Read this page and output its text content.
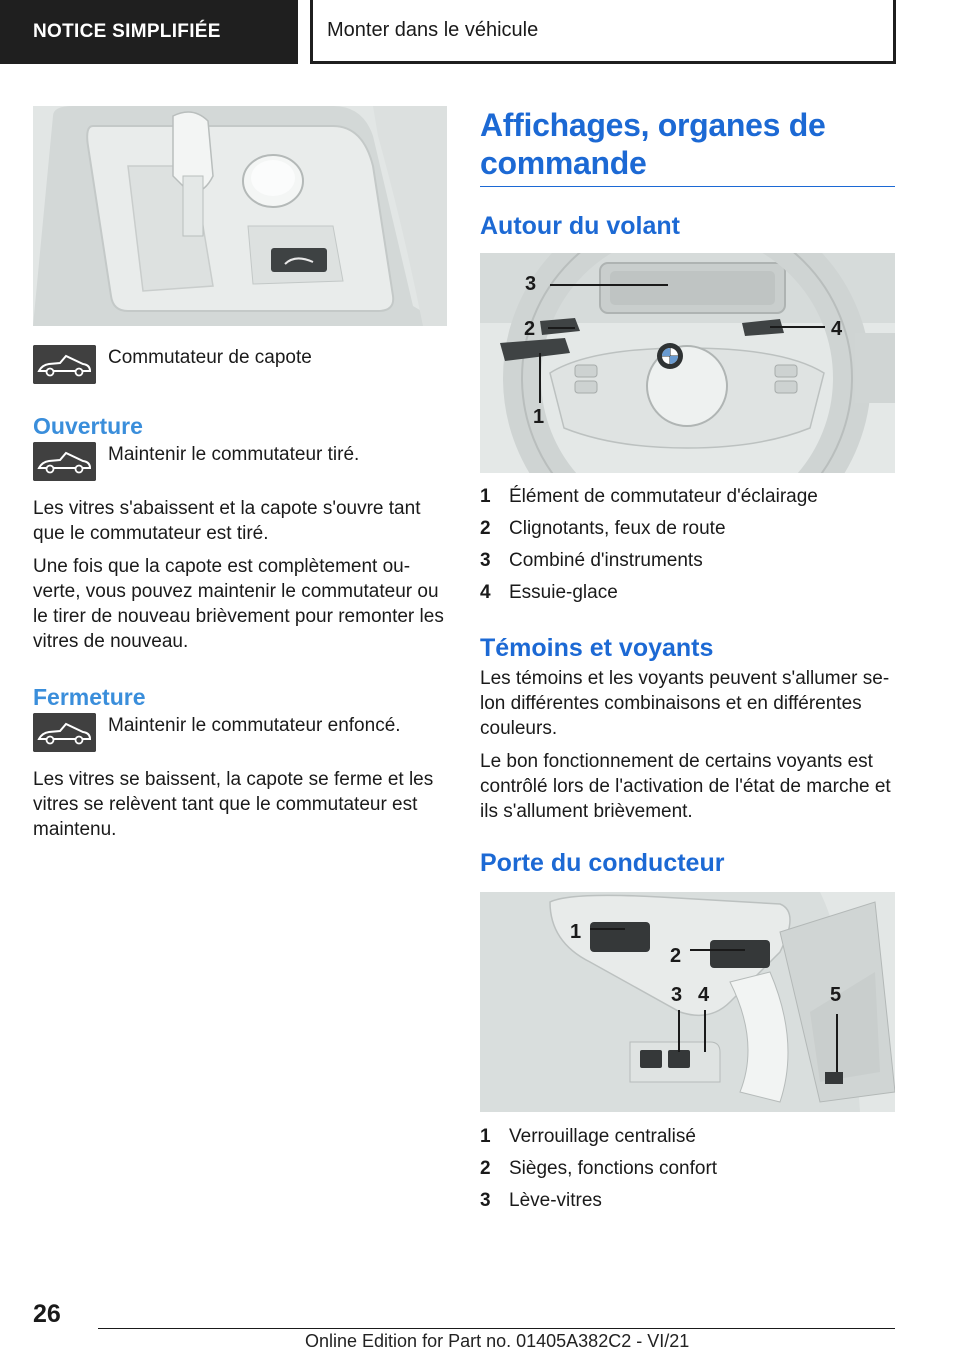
NOTICE SIMPLIFIÉE	Monter dans le véhicule
Commutateur de capote
Ouverture
Maintenir le commutateur tiré.

Les vitres s'abaissent et la capote s'ouvre tant que le commutateur est tiré.

Une fois que la capote est complètement ou-verte, vous pouvez maintenir le commutateur ou le tirer de nouveau brièvement pour remonter les vitres de nouveau.

Fermeture
Maintenir le commutateur enfoncé.

Les vitres se baissent, la capote se ferme et les vitres se relèvent tant que le commutateur est maintenu.

Affichages, organes de commande
Autour du volant
3
2	4
1
1 Élément de commutateur d'éclairage
2 Clignotants, feux de route
3 Combiné d'instruments
4 Essuie-glace
Témoins et voyants

Les témoins et les voyants peuvent s'allumer se-lon différentes combinaisons et en différentes couleurs.

Le bon fonctionnement de certains voyants est contrôlé lors de l'activation de l'état de marche et ils s'allument brièvement.

Porte du conducteur
1
2
3 4	5
1 Verrouillage centralisé
2 Sièges, fonctions confort
3 Lève-vitres
26
Online Edition for Part no. 01405A382C2 - VI/21
